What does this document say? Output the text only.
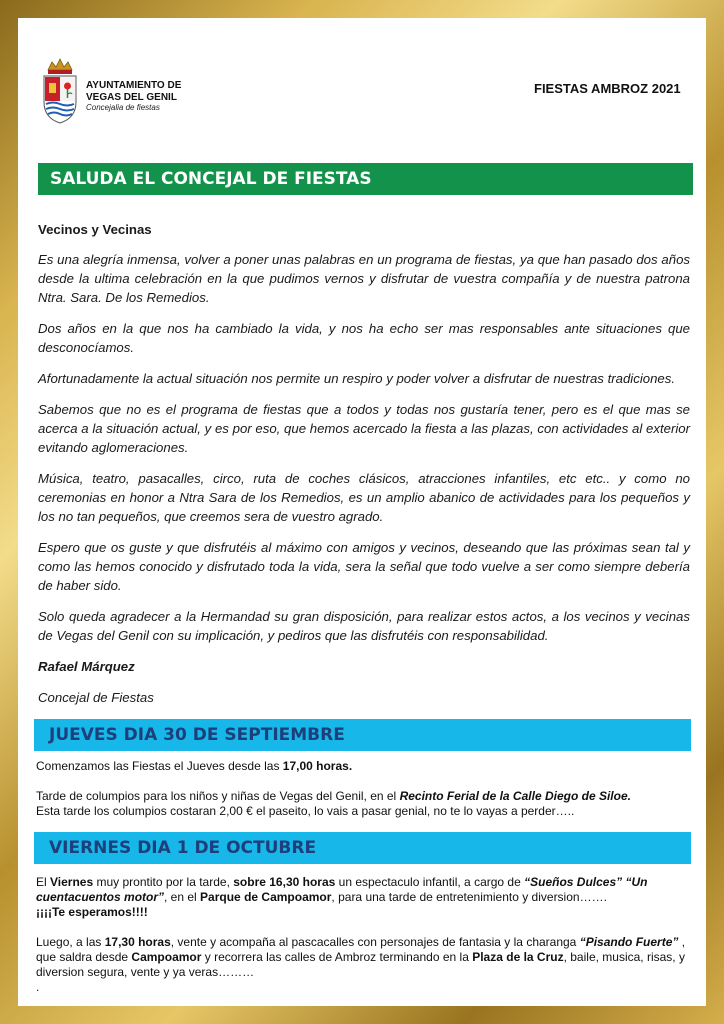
AYUNTAMIENTO DE
VEGAS DEL GENIL
Concejalia de fiestas
FIESTAS AMBROZ 2021
SALUDA EL CONCEJAL DE FIESTAS

Vecinos y Vecinas

Es una alegría inmensa, volver a poner unas palabras en un programa de fiestas, ya que han pasado dos años desde la ultima celebración en la que pudimos vernos y disfrutar de vuestra compañía y de nuestra patrona Ntra. Sara. De los Remedios.

Dos años en la que nos ha cambiado la vida, y nos ha echo ser mas responsables ante situaciones que desconocíamos.

Afortunadamente la actual situación nos permite un respiro y poder volver a disfrutar de nuestras tradiciones.

Sabemos que no es el programa de fiestas que a todos y todas nos gustaría tener, pero es el que mas se acerca a la situación actual, y es por eso, que hemos acercado la fiesta a las plazas, con actividades al exterior evitando aglomeraciones.

Música, teatro, pasacalles, circo, ruta de coches clásicos, atracciones infantiles, etc etc.. y como no ceremonias en honor a Ntra Sara de los Remedios, es un amplio abanico de actividades para los pequeños y los no tan pequeños, que creemos sera de vuestro agrado.

Espero que os guste y que disfrutéis al máximo con amigos y vecinos, deseando que las próximas sean tal y como las hemos conocido y disfrutado toda la vida, sera la señal que todo vuelve a ser como siempre debería de haber sido.

Solo queda agradecer a la Hermandad su gran disposición, para realizar estos actos, a los vecinos y vecinas de Vegas del Genil con su implicación, y pediros que las disfrutéis con responsabilidad.

Rafael Márquez

Concejal de Fiestas

JUEVES DIA 30 DE SEPTIEMBRE

Comenzamos las Fiestas el Jueves desde las 17,00 horas.

Tarde de columpios para los niños y niñas de Vegas del Genil, en el Recinto Ferial de la Calle Diego de Siloe.

Esta tarde los columpios costaran 2,00 € el paseito, lo vais a pasar genial, no te lo vayas a perder…..

VIERNES DIA 1 DE OCTUBRE

El Viernes muy prontito por la tarde, sobre 16,30 horas un espectaculo infantil, a cargo de “Sueños Dulces” “Un cuentacuentos motor”, en el Parque de Campoamor, para una tarde de entretenimiento y diversion…….

¡¡¡¡Te esperamos!!!!

Luego, a las 17,30 horas, vente y acompaña al pascacalles con personajes de fantasia y la charanga “Pisando Fuerte” , que saldra desde Campoamor y recorrera las calles de Ambroz terminando en la Plaza de la Cruz, baile, musica, risas, y diversion segura, vente y ya veras………

.
